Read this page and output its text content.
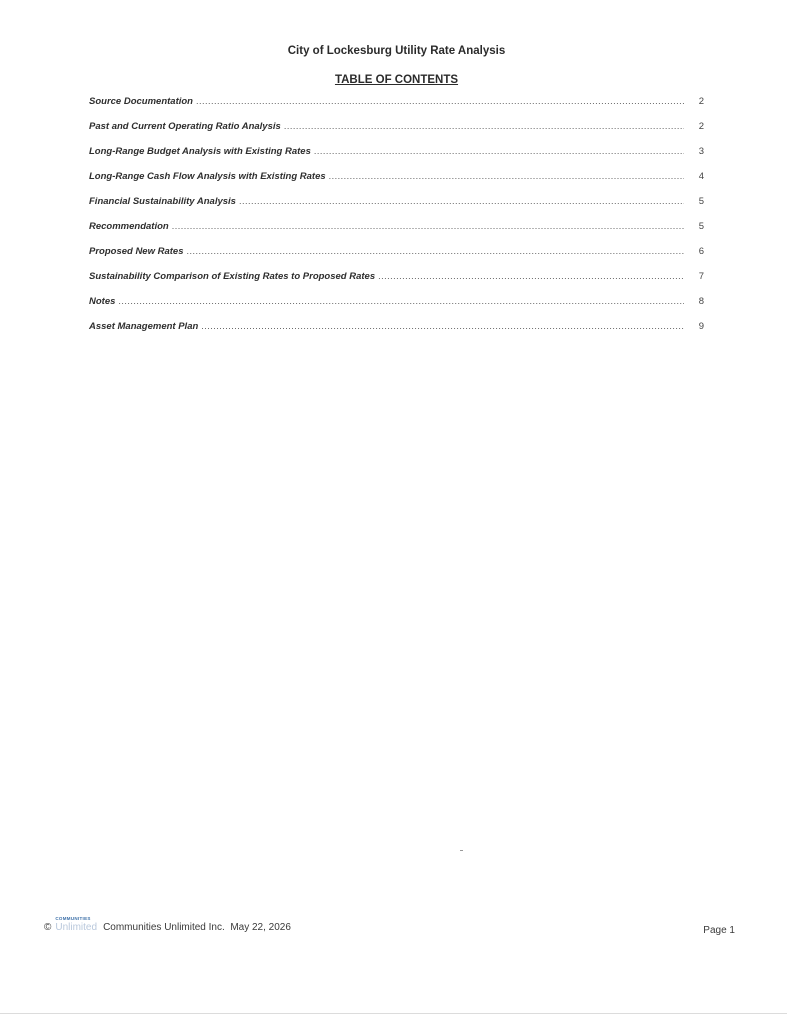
City of Lockesburg Utility Rate Analysis
TABLE OF CONTENTS
Source Documentation .....	2
Past and Current Operating Ratio Analysis .....	2
Long-Range Budget Analysis with Existing Rates .....	3
Long-Range Cash Flow Analysis with Existing Rates .....	4
Financial Sustainability Analysis .....	5
Recommendation .....	5
Proposed New Rates .....	6
Sustainability Comparison of Existing Rates to Proposed Rates .....	7
Notes .....	8
Asset Management Plan .....	9
©
COMMUNITIES
Unlimited Communities Unlimited Inc.  May 22, 2026	Page 1
